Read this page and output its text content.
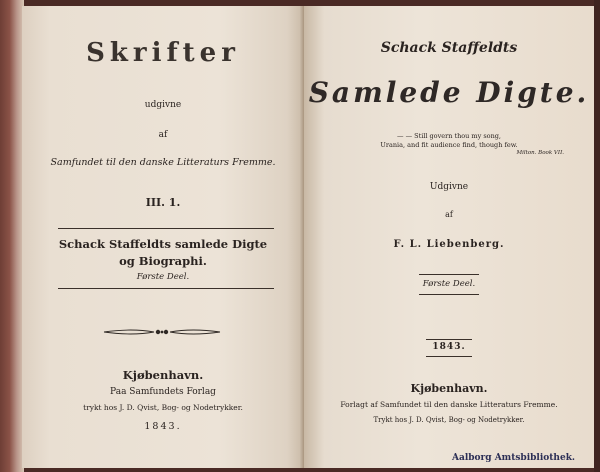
Skrifter

udgivne

af

Samfundet til den danske Litteraturs Fremme.

III. 1.

Schack Staffeldts samlede Digte

og Biographi.

Første Deel.

Kjøbenhavn.

Paa Samfundets Forlag

trykt hos J. D. Qvist, Bog- og Nodetrykker.

1843.

Schack Staffeldts

Samlede Digte.

— — Still govern thou my song,

Urania, and fit audience find, though few.

Milton. Book VII.

Udgivne

af

F. L. Liebenberg.

Første Deel.

1843.

Kjøbenhavn.

Forlagt af Samfundet til den danske Litteraturs Fremme.

Trykt hos J. D. Qvist, Bog- og Nodetrykker.

Aalborg Amtsbibliothek.
